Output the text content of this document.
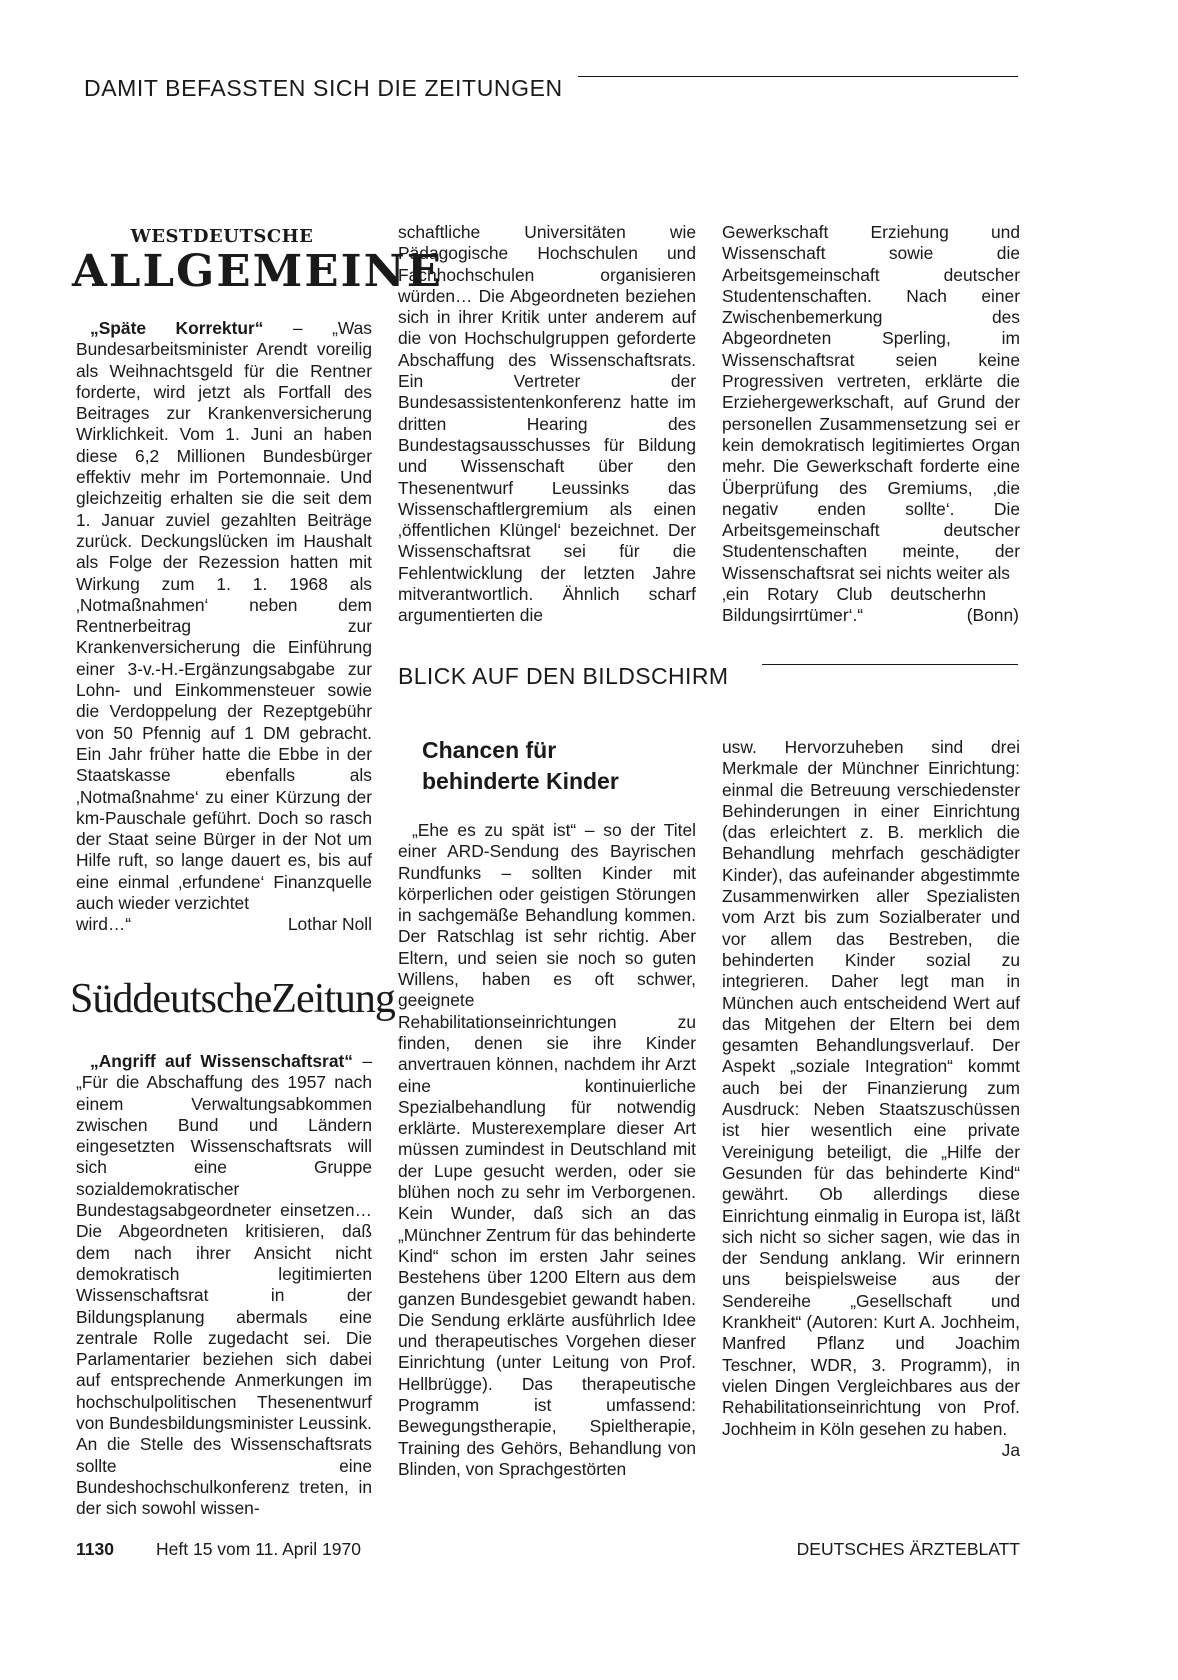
DAMIT BEFASSTEN SICH DIE ZEITUNGEN
WESTDEUTSCHE
ALLGEMEINE

„Späte Korrektur“ – „Was Bundesarbeitsminister Arendt voreilig als Weihnachtsgeld für die Rentner forderte, wird jetzt als Fortfall des Beitrages zur Krankenversicherung Wirklichkeit. Vom 1. Juni an haben diese 6,2 Millionen Bundesbürger effektiv mehr im Portemonnaie. Und gleichzeitig erhalten sie die seit dem 1. Januar zuviel gezahlten Beiträge zurück. Deckungslücken im Haushalt als Folge der Rezession hatten mit Wirkung zum 1. 1. 1968 als ‚Notmaßnahmen‘ neben dem Rentnerbeitrag zur Krankenversicherung die Einführung einer 3-v.-H.-Ergänzungsabgabe zur Lohn- und Einkommensteuer sowie die Verdoppelung der Rezeptgebühr von 50 Pfennig auf 1 DM gebracht. Ein Jahr früher hatte die Ebbe in der Staatskasse ebenfalls als ‚Notmaßnahme‘ zu einer Kürzung der km-Pauschale geführt. Doch so rasch der Staat seine Bürger in der Not um Hilfe ruft, so lange dauert es, bis auf eine einmal ‚erfundene‘ Finanzquelle auch wieder verzichtet

wird…“	Lothar Noll
SüddeutscheZeitung

„Angriff auf Wissenschaftsrat“ – „Für die Abschaffung des 1957 nach einem Verwaltungsabkommen zwischen Bund und Ländern eingesetzten Wissenschaftsrats will sich eine Gruppe sozialdemokratischer Bundestagsabgeordneter einsetzen… Die Abgeordneten kritisieren, daß dem nach ihrer Ansicht nicht demokratisch legitimierten Wissenschaftsrat in der Bildungsplanung abermals eine zentrale Rolle zugedacht sei. Die Parlamentarier beziehen sich dabei auf entsprechende Anmerkungen im hochschulpolitischen Thesenentwurf von Bundesbildungsminister Leussink. An die Stelle des Wissenschaftsrats sollte eine Bundeshochschulkonferenz treten, in der sich sowohl wissen-

schaftliche Universitäten wie Pädagogische Hochschulen und Fachhochschulen organisieren würden… Die Abgeordneten beziehen sich in ihrer Kritik unter anderem auf die von Hochschulgruppen geforderte Abschaffung des Wissenschaftsrats. Ein Vertreter der Bundesassistentenkonferenz hatte im dritten Hearing des Bundestagsausschusses für Bildung und Wissenschaft über den Thesenentwurf Leussinks das Wissenschaftlergremium als einen ‚öffentlichen Klüngel‘ bezeichnet. Der Wissenschaftsrat sei für die Fehlentwicklung der letzten Jahre mitverantwortlich. Ähnlich scharf argumentierten die

Gewerkschaft Erziehung und Wissenschaft sowie die Arbeitsgemeinschaft deutscher Studentenschaften. Nach einer Zwischenbemerkung des Abgeordneten Sperling, im Wissenschaftsrat seien keine Progressiven vertreten, erklärte die Erziehergewerkschaft, auf Grund der personellen Zusammensetzung sei er kein demokratisch legitimiertes Organ mehr. Die Gewerkschaft forderte eine Überprüfung des Gremiums, ‚die negativ enden sollte‘. Die Arbeitsgemeinschaft deutscher Studentenschaften meinte, der Wissenschaftsrat sei nichts weiter als

‚ein Rotary Club deutscher Bildungsirrtümer‘.“
hn (Bonn)
BLICK AUF DEN BILDSCHIRM
Chancen für
behinderte Kinder

„Ehe es zu spät ist“ – so der Titel einer ARD-Sendung des Bayrischen Rundfunks – sollten Kinder mit körperlichen oder geistigen Störungen in sachgemäße Behandlung kommen. Der Ratschlag ist sehr richtig. Aber Eltern, und seien sie noch so guten Willens, haben es oft schwer, geeignete Rehabilitationseinrichtungen zu finden, denen sie ihre Kinder anvertrauen können, nachdem ihr Arzt eine kontinuierliche Spezialbehandlung für notwendig erklärte. Musterexemplare dieser Art müssen zumindest in Deutschland mit der Lupe gesucht werden, oder sie blühen noch zu sehr im Verborgenen. Kein Wunder, daß sich an das „Münchner Zentrum für das behinderte Kind“ schon im ersten Jahr seines Bestehens über 1200 Eltern aus dem ganzen Bundesgebiet gewandt haben. Die Sendung erklärte ausführlich Idee und therapeutisches Vorgehen dieser Einrichtung (unter Leitung von Prof. Hellbrügge). Das therapeutische Programm ist umfassend: Bewegungstherapie, Spieltherapie, Training des Gehörs, Behandlung von Blinden, von Sprachgestörten

usw. Hervorzuheben sind drei Merkmale der Münchner Einrichtung: einmal die Betreuung verschiedenster Behinderungen in einer Einrichtung (das erleichtert z. B. merklich die Behandlung mehrfach geschädigter Kinder), das aufeinander abgestimmte Zusammenwirken aller Spezialisten vom Arzt bis zum Sozialberater und vor allem das Bestreben, die behinderten Kinder sozial zu integrieren. Daher legt man in München auch entscheidend Wert auf das Mitgehen der Eltern bei dem gesamten Behandlungsverlauf. Der Aspekt „soziale Integration“ kommt auch bei der Finanzierung zum Ausdruck: Neben Staatszuschüssen ist hier wesentlich eine private Vereinigung beteiligt, die „Hilfe der Gesunden für das behinderte Kind“ gewährt. Ob allerdings diese Einrichtung einmalig in Europa ist, läßt sich nicht so sicher sagen, wie das in der Sendung anklang. Wir erinnern uns beispielsweise aus der Sendereihe „Gesellschaft und Krankheit“ (Autoren: Kurt A. Jochheim, Manfred Pflanz und Joachim Teschner, WDR, 3. Programm), in vielen Dingen Vergleichbares aus der Rehabilitationseinrichtung von Prof. Jochheim in Köln gesehen zu haben.
Ja

1130 Heft 15 vom 11. April 1970	DEUTSCHES ÄRZTEBLATT
